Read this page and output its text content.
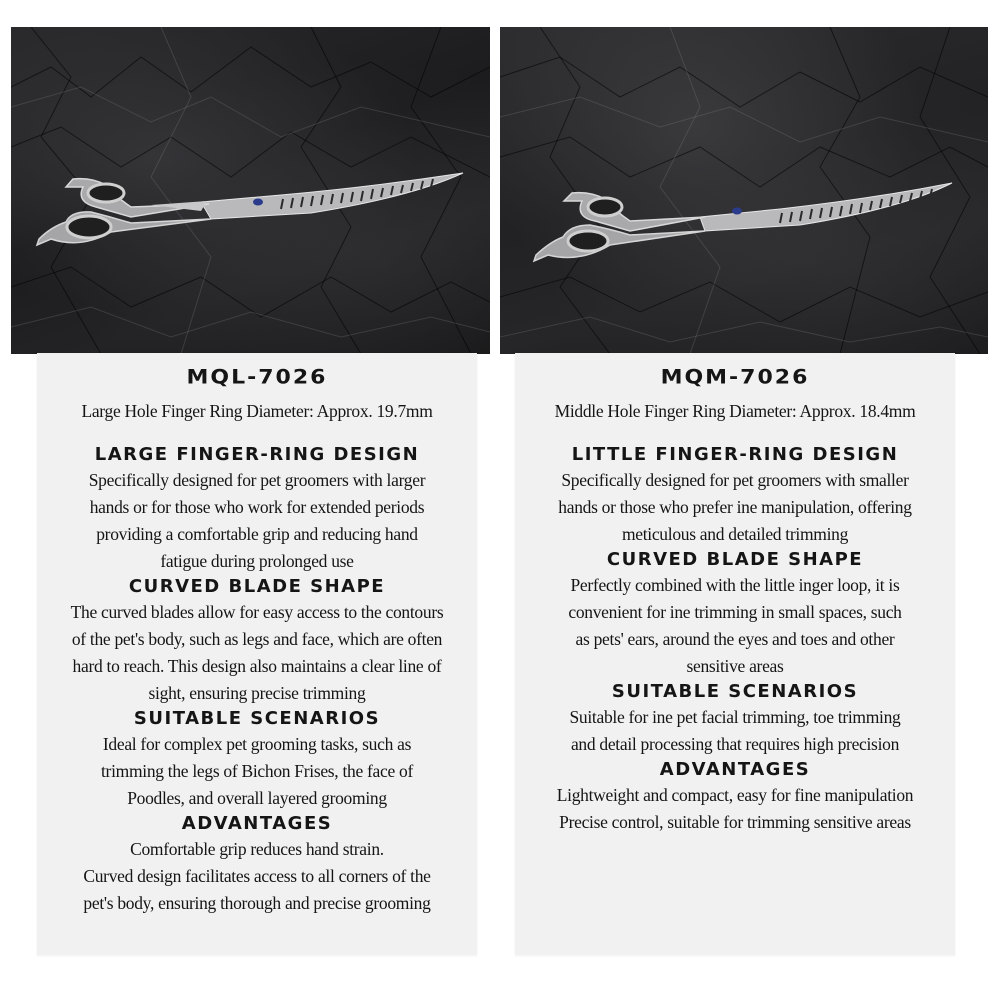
MQL-7026
Large Hole Finger Ring Diameter: Approx. 19.7mm
LARGE FINGER-RING DESIGN
Specifically designed for pet groomers with larger
hands or for those who work for extended periods
providing a comfortable grip and reducing hand
fatigue during prolonged use
CURVED BLADE SHAPE
The curved blades allow for easy access to the contours
of the pet's body, such as legs and face, which are often
hard to reach. This design also maintains a clear line of
sight, ensuring precise trimming
SUITABLE SCENARIOS
Ideal for complex pet grooming tasks, such as
trimming the legs of Bichon Frises, the face of
Poodles, and overall layered grooming
ADVANTAGES
Comfortable grip reduces hand strain.
Curved design facilitates access to all corners of the
pet's body, ensuring thorough and precise grooming
MQM-7026
Middle Hole Finger Ring Diameter: Approx. 18.4mm
LITTLE FINGER-RING DESIGN
Specifically designed for pet groomers with smaller
hands or those who prefer ine manipulation, offering
meticulous and detailed trimming
CURVED BLADE SHAPE
Perfectly combined with the little inger loop, it is
convenient for ine trimming in small spaces, such
as pets' ears, around the eyes and toes and other
sensitive areas
SUITABLE SCENARIOS
Suitable for ine pet facial trimming, toe trimming
and detail processing that requires high precision
ADVANTAGES
Lightweight and compact, easy for fine manipulation
Precise control, suitable for trimming sensitive areas
